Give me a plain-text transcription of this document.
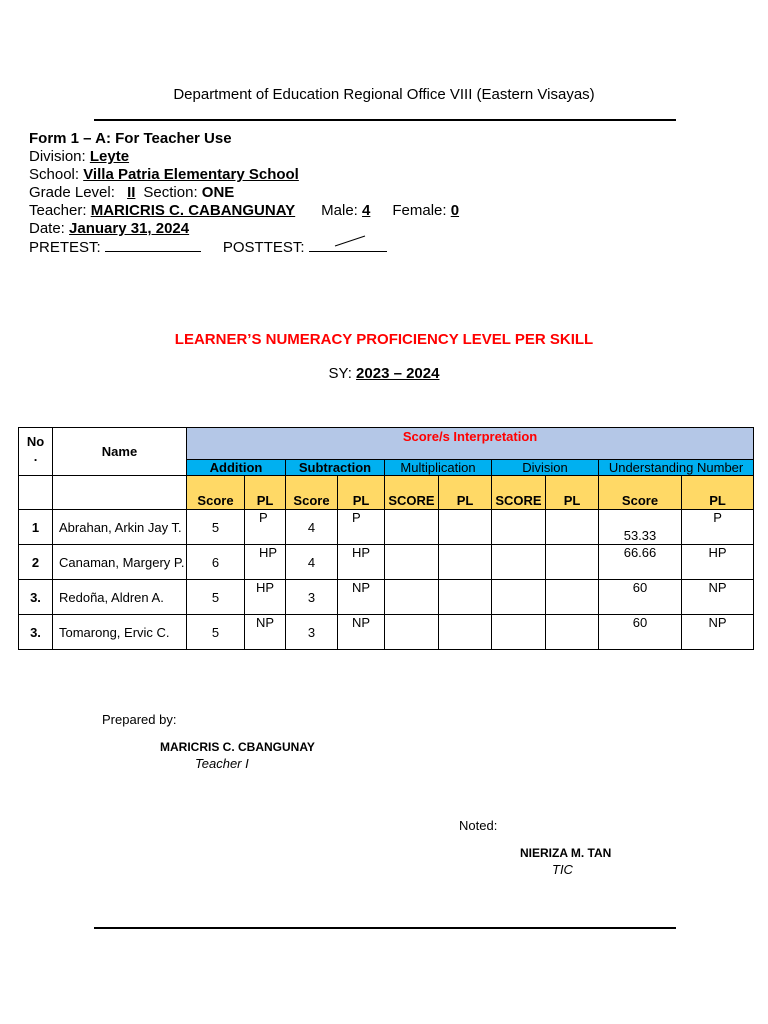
Department of Education Regional Office VIII (Eastern Visayas)
Form 1 – A: For Teacher Use
Division: Leyte
School: Villa Patria Elementary School
Grade Level: II Section: ONE
Teacher: MARICRIS C. CABANGUNAY Male: 4 Female: 0
Date: January 31, 2024
PRETEST:	POSTTEST:
LEARNER’S NUMERACY PROFICIENCY LEVEL PER SKILL
SY: 2023 – 2024
No
.	Name	Score/s Interpretation									
		Addition		Subtraction		Multiplication		Division		Understanding Number	
		Score	PL	Score	PL	SCORE	PL	SCORE	PL	Score	PL
1	Abrahan, Arkin Jay T.	5	P	4	P					53.33	P
2	Canaman, Margery P.	6	HP	4	HP					66.66	HP
3.	Redoña, Aldren A.	5	HP	3	NP					60	NP
3.	Tomarong, Ervic C.	5	NP	3	NP					60	NP
Prepared by:
MARICRIS C. CBANGUNAY
Teacher I
Noted:
NIERIZA M. TAN
TIC
